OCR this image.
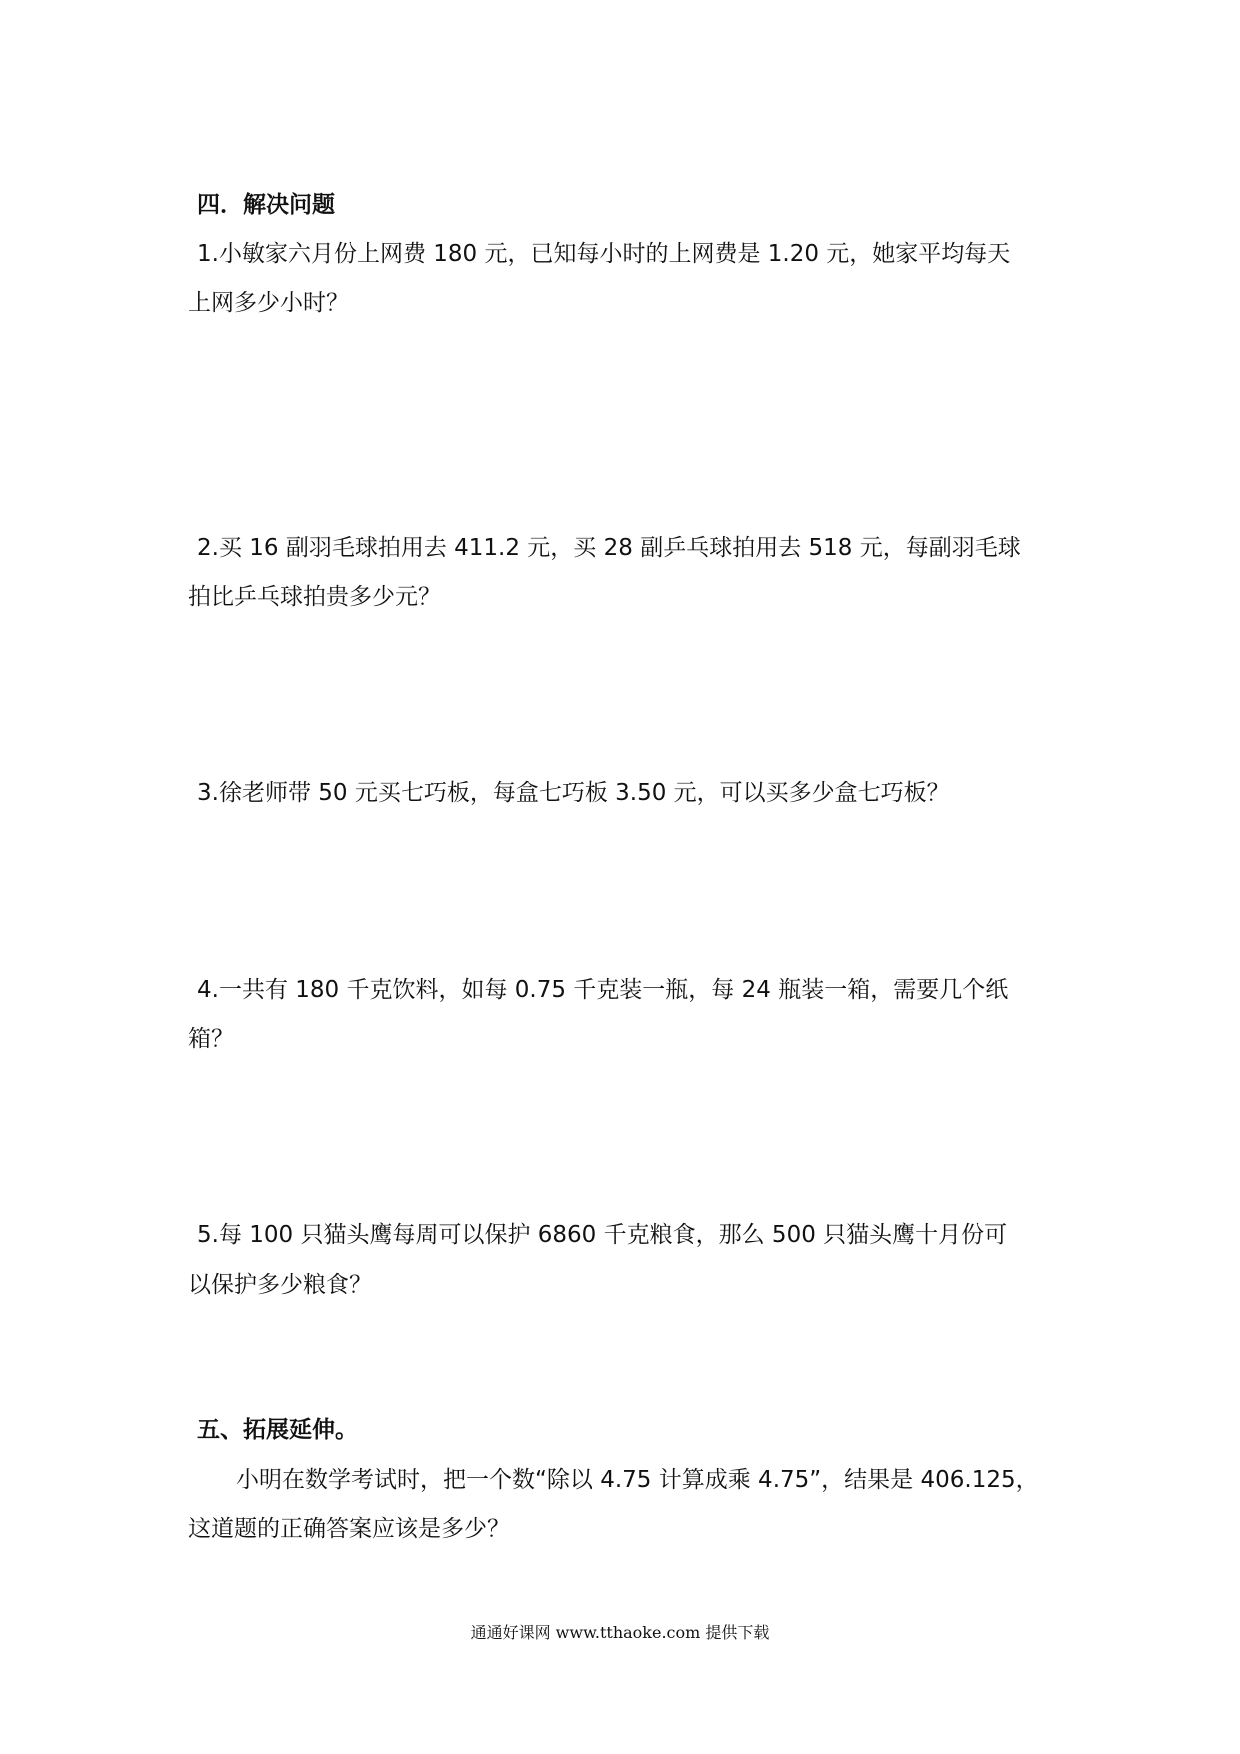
四．解决问题

1.小敏家六月份上网费 180 元，已知每小时的上网费是 1.20 元，她家平均每天

上网多少小时？

2.买 16 副羽毛球拍用去 411.2 元，买 28 副乒乓球拍用去 518 元，每副羽毛球

拍比乒乓球拍贵多少元？

3.徐老师带 50 元买七巧板，每盒七巧板 3.50 元，可以买多少盒七巧板？

4.一共有 180 千克饮料，如每 0.75 千克装一瓶，每 24 瓶装一箱，需要几个纸

箱？

5.每 100 只猫头鹰每周可以保护 6860 千克粮食，那么 500 只猫头鹰十月份可

以保护多少粮食？

五、拓展延伸。

小明在数学考试时，把一个数“除以 4.75 计算成乘 4.75”，结果是 406.125，

这道题的正确答案应该是多少？

通通好课网 www.tthaoke.com 提供下载
